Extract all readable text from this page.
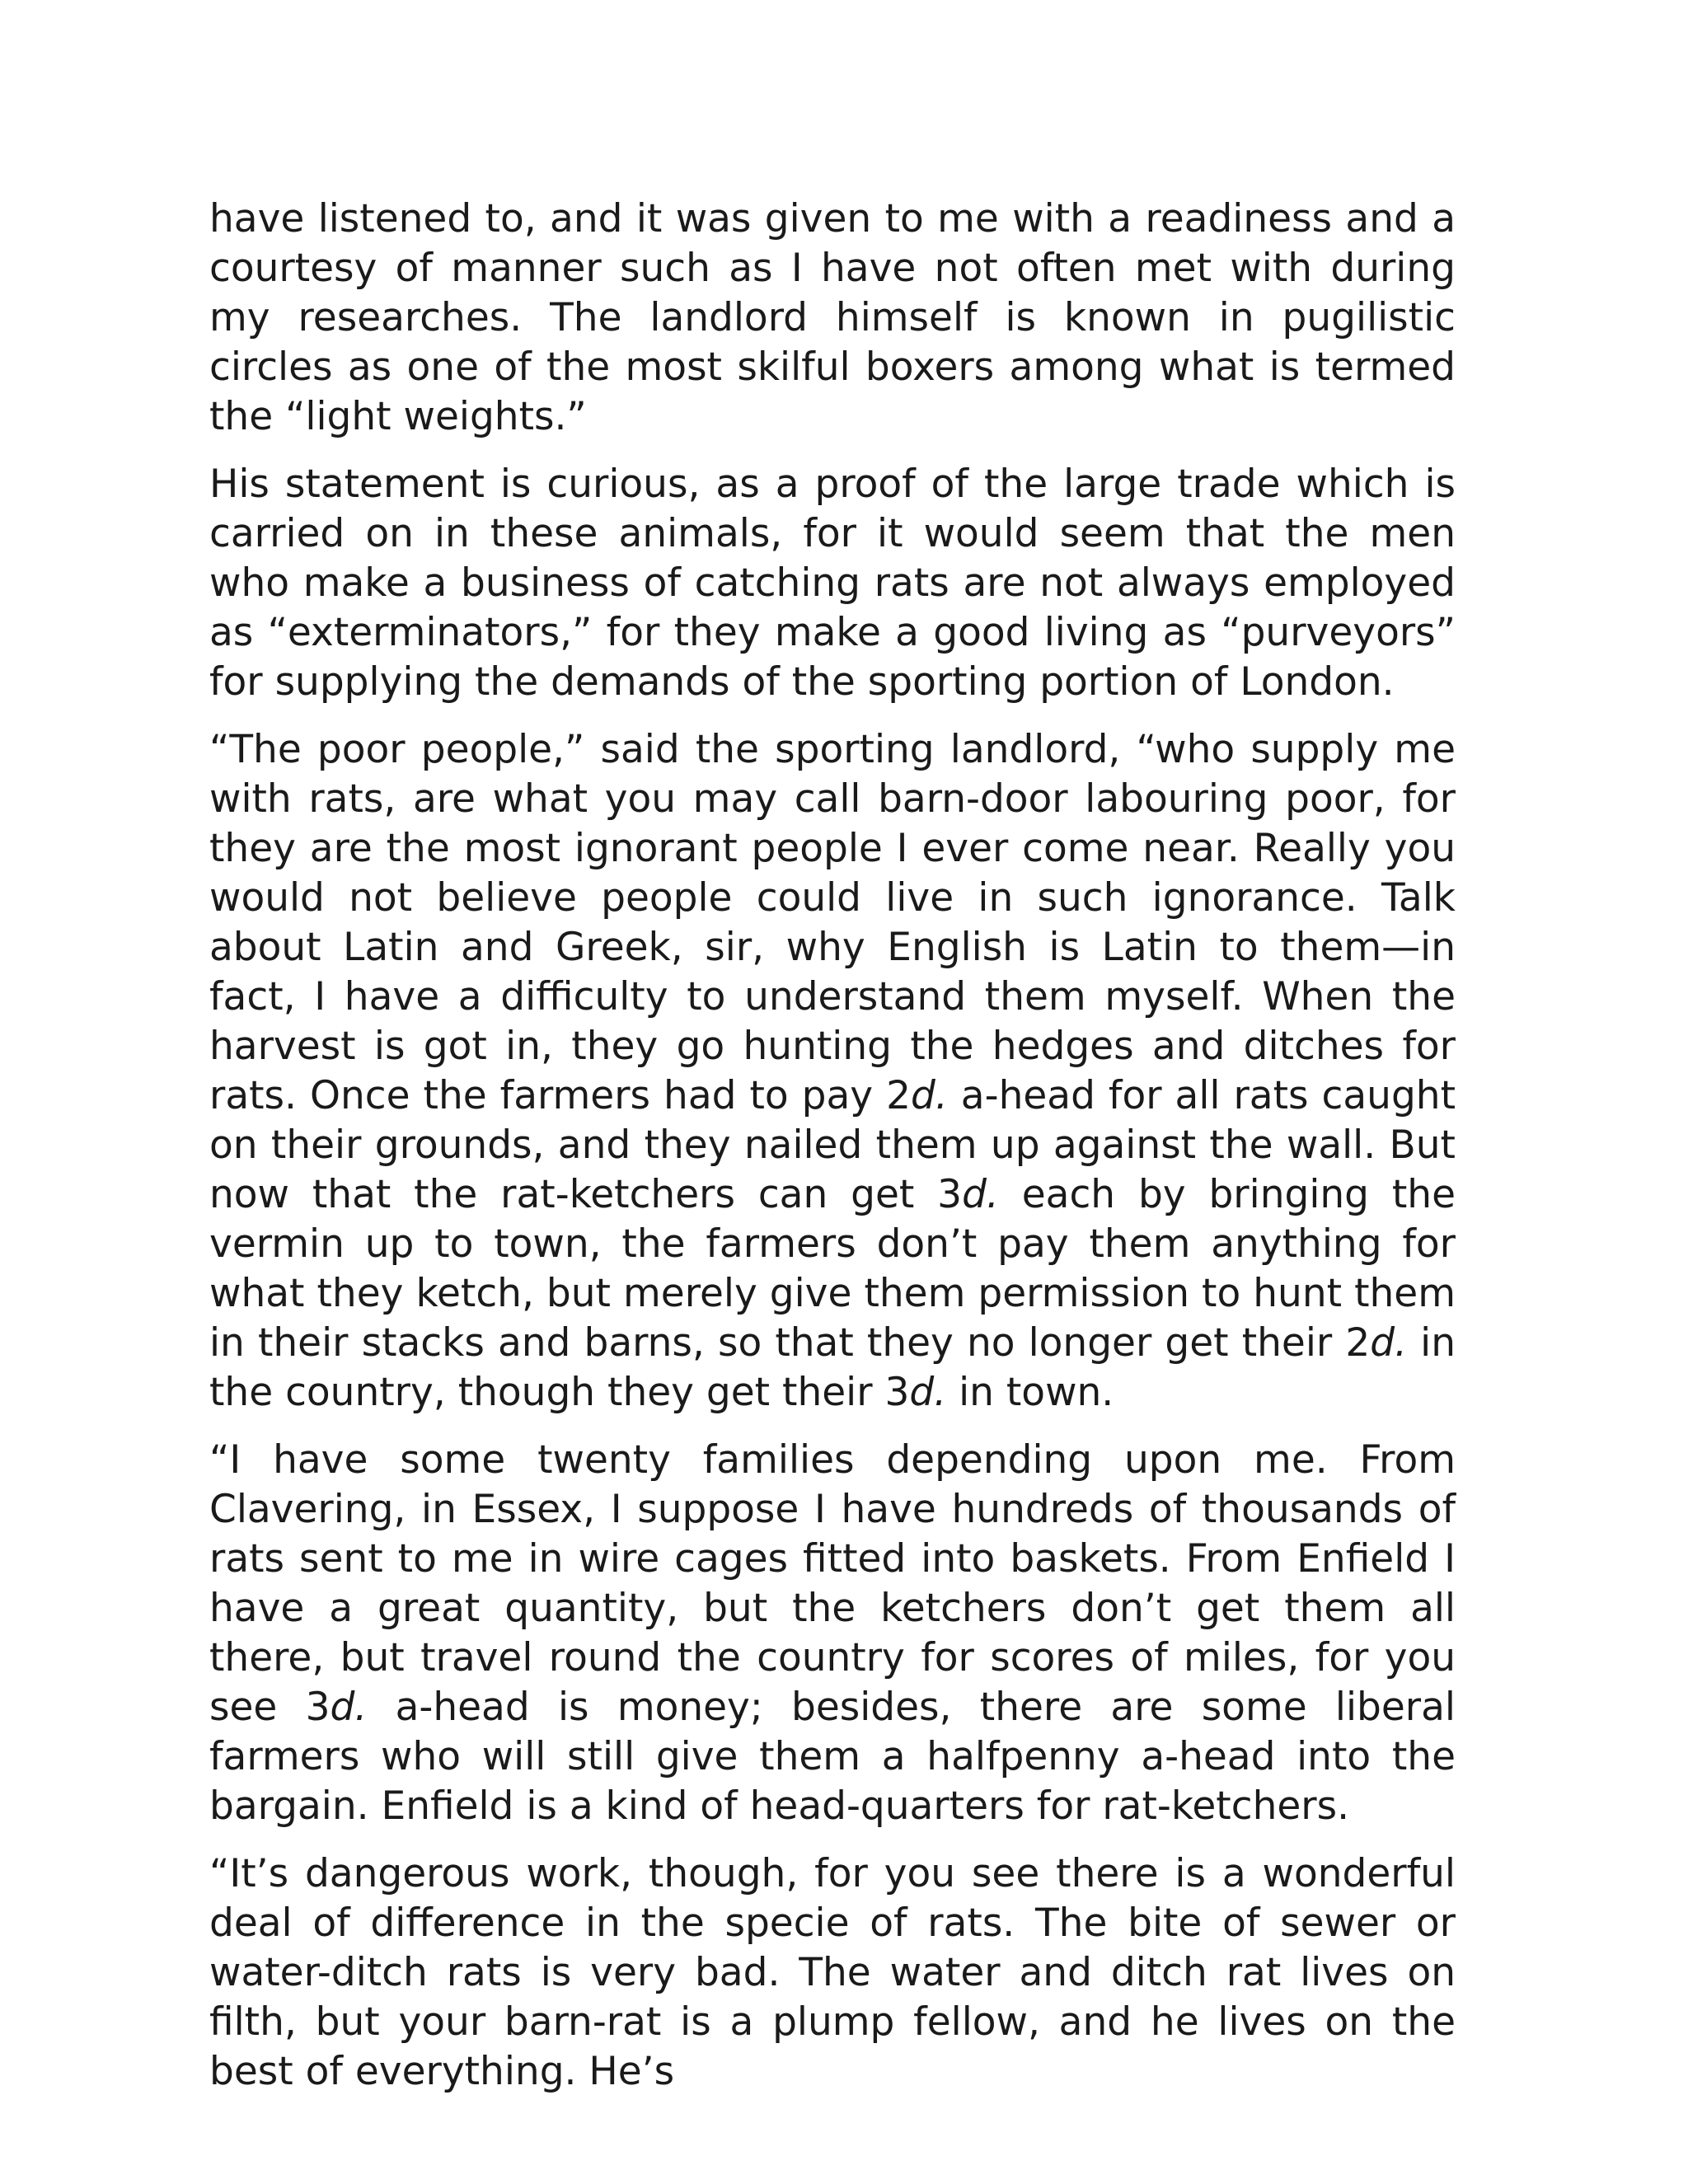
have listened to, and it was given to me with a readiness and a courtesy of manner such as I have not often met with during my researches. The landlord himself is known in pugilistic circles as one of the most skilful boxers among what is termed the “light weights.”

His statement is curious, as a proof of the large trade which is carried on in these animals, for it would seem that the men who make a business of catching rats are not always employed as “exterminators,” for they make a good living as “purveyors” for supplying the demands of the sporting portion of London.

“The poor people,” said the sporting landlord, “who supply me with rats, are what you may call barn-door labouring poor, for they are the most ignorant people I ever come near. Really you would not believe people could live in such ignorance. Talk about Latin and Greek, sir, why English is Latin to them—in fact, I have a difficulty to understand them myself. When the harvest is got in, they go hunting the hedges and ditches for rats. Once the farmers had to pay 2d. a-head for all rats caught on their grounds, and they nailed them up against the wall. But now that the rat-ketchers can get 3d. each by bringing the vermin up to town, the farmers don’t pay them anything for what they ketch, but merely give them permission to hunt them in their stacks and barns, so that they no longer get their 2d. in the country, though they get their 3d. in town.

“I have some twenty families depending upon me. From Clavering, in Essex, I suppose I have hundreds of thousands of rats sent to me in wire cages fitted into baskets. From Enfield I have a great quantity, but the ketchers don’t get them all there, but travel round the country for scores of miles, for you see 3d. a-head is money; besides, there are some liberal farmers who will still give them a halfpenny a-head into the bargain. Enfield is a kind of head-quarters for rat-ketchers.

“It’s dangerous work, though, for you see there is a wonderful deal of difference in the specie of rats. The bite of sewer or water-ditch rats is very bad. The water and ditch rat lives on filth, but your barn-rat is a plump fellow, and he lives on the best of everything. He’s
